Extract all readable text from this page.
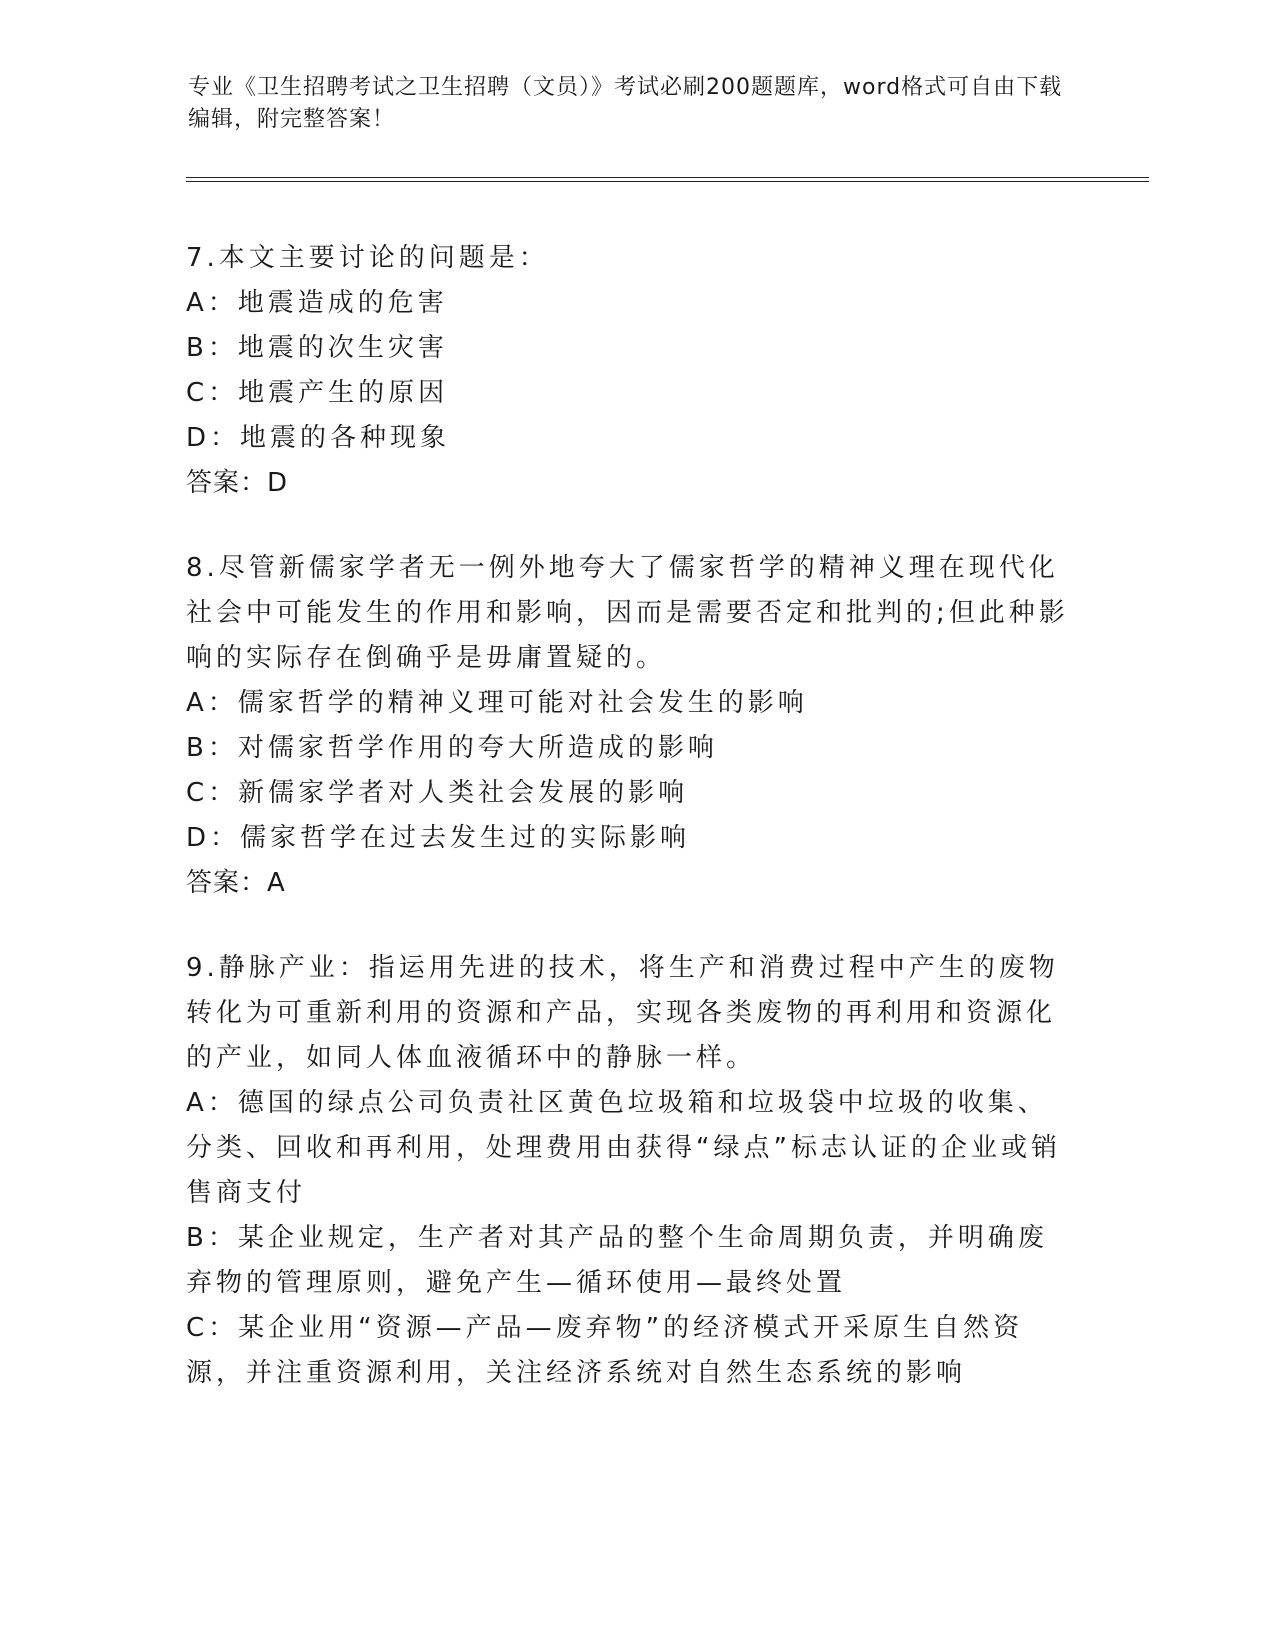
专业《卫生招聘考试之卫生招聘（文员）》考试必刷200题题库，word格式可自由下载编辑，附完整答案！
7.本文主要讨论的问题是：
A：地震造成的危害
B：地震的次生灾害
C：地震产生的原因
D：地震的各种现象
答案：D
8.尽管新儒家学者无一例外地夸大了儒家哲学的精神义理在现代化社会中可能发生的作用和影响，因而是需要否定和批判的;但此种影响的实际存在倒确乎是毋庸置疑的。
A：儒家哲学的精神义理可能对社会发生的影响
B：对儒家哲学作用的夸大所造成的影响
C：新儒家学者对人类社会发展的影响
D：儒家哲学在过去发生过的实际影响
答案：A
9.静脉产业：指运用先进的技术，将生产和消费过程中产生的废物转化为可重新利用的资源和产品，实现各类废物的再利用和资源化的产业，如同人体血液循环中的静脉一样。
A：德国的绿点公司负责社区黄色垃圾箱和垃圾袋中垃圾的收集、分类、回收和再利用，处理费用由获得“绿点”标志认证的企业或销售商支付
B：某企业规定，生产者对其产品的整个生命周期负责，并明确废弃物的管理原则，避免产生—循环使用—最终处置
C：某企业用“资源—产品—废弃物”的经济模式开采原生自然资源，并注重资源利用，关注经济系统对自然生态系统的影响
